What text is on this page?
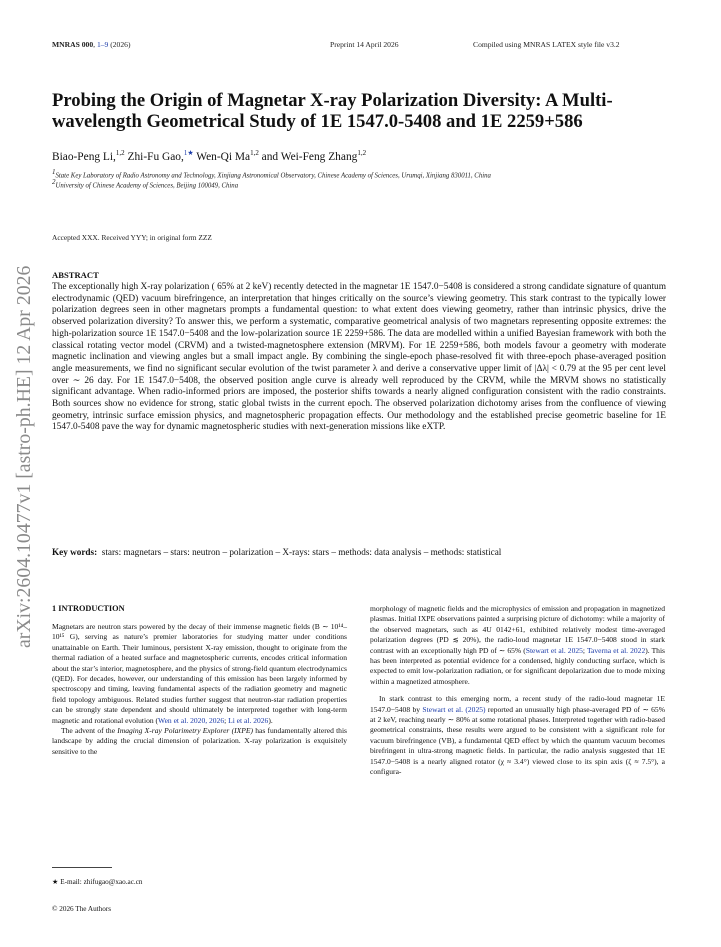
MNRAS 000, 1–9 (2026)	Preprint 14 April 2026	Compiled using MNRAS LATEX style file v3.2
arXiv:2604.10477v1 [astro-ph.HE] 12 Apr 2026
Probing the Origin of Magnetar X-ray Polarization Diversity: A Multi-wavelength Geometrical Study of 1E 1547.0-5408 and 1E 2259+586
Biao-Peng Li,$^{1,2}$ Zhi-Fu Gao,$^{1★}$ Wen-Qi Ma$^{1,2}$ and Wei-Feng Zhang$^{1,2}$
$^1$State Key Laboratory of Radio Astronomy and Technology, Xinjiang Astronomical Observatory, Chinese Academy of Sciences, Urumqi, Xinjiang 830011, China
$^2$University of Chinese Academy of Sciences, Beijing 100049, China
Accepted XXX. Received YYY; in original form ZZZ
ABSTRACT
The exceptionally high X-ray polarization ( 65% at 2 keV) recently detected in the magnetar 1E 1547.0−5408 is considered a strong candidate signature of quantum electrodynamic (QED) vacuum birefringence, an interpretation that hinges critically on the source’s viewing geometry. This stark contrast to the typically lower polarization degrees seen in other magnetars prompts a fundamental question: to what extent does viewing geometry, rather than intrinsic physics, drive the observed polarization diversity? To answer this, we perform a systematic, comparative geometrical analysis of two magnetars representing opposite extremes: the high-polarization source 1E 1547.0−5408 and the low-polarization source 1E 2259+586. The data are modelled within a unified Bayesian framework with both the classical rotating vector model (CRVM) and a twisted-magnetosphere extension (MRVM). For 1E 2259+586, both models favour a geometry with moderate magnetic inclination and viewing angles but a small impact angle. By combining the single-epoch phase-resolved fit with three-epoch phase-averaged position angle measurements, we find no significant secular evolution of the twist parameter λ and derive a conservative upper limit of |Δλ| < 0.79 at the 95 per cent level over ∼ 26 day. For 1E 1547.0−5408, the observed position angle curve is already well reproduced by the CRVM, while the MRVM shows no statistically significant advantage. When radio-informed priors are imposed, the posterior shifts towards a nearly aligned configuration consistent with the radio constraints. Both sources show no evidence for strong, static global twists in the current epoch. The observed polarization dichotomy arises from the confluence of viewing geometry, intrinsic surface emission physics, and magnetospheric propagation effects. Our methodology and the established precise geometric baseline for 1E 1547.0-5408 pave the way for dynamic magnetospheric studies with next-generation missions like eXTP.
Key words: stars: magnetars – stars: neutron – polarization – X-rays: stars – methods: data analysis – methods: statistical
1 INTRODUCTION

Magnetars are neutron stars powered by the decay of their immense magnetic fields (B ∼ 10¹⁴–10¹⁵ G), serving as nature’s premier laboratories for studying matter under conditions unattainable on Earth. Their luminous, persistent X-ray emission, thought to originate from the thermal radiation of a heated surface and magnetospheric currents, encodes critical information about the star’s interior, magnetosphere, and the physics of strong-field quantum electrodynamics (QED). For decades, however, our understanding of this emission has been largely informed by spectroscopy and timing, leaving fundamental aspects of the radiation geometry and magnetic field topology ambiguous. Related studies further suggest that neutron-star radiation properties can be strongly state dependent and should ultimately be interpreted together with long-term magnetic and rotational evolution (Wen et al. 2020, 2026; Li et al. 2026).

The advent of the Imaging X-ray Polarimetry Explorer (IXPE) has fundamentally altered this landscape by adding the crucial dimension of polarization. X-ray polarization is exquisitely sensitive to the

morphology of magnetic fields and the microphysics of emission and propagation in magnetized plasmas. Initial IXPE observations painted a surprising picture of dichotomy: while a majority of the observed magnetars, such as 4U 0142+61, exhibited relatively modest time-averaged polarization degrees (PD ≲ 20%), the radio-loud magnetar 1E 1547.0−5408 stood in stark contrast with an exceptionally high PD of ∼ 65% (Stewart et al. 2025; Taverna et al. 2022). This has been interpreted as potential evidence for a condensed, highly conducting surface, which is expected to emit low-polarization radiation, or for significant depolarization due to mode mixing within a magnetized atmosphere.

In stark contrast to this emerging norm, a recent study of the radio-loud magnetar 1E 1547.0−5408 by Stewart et al. (2025) reported an unusually high phase-averaged PD of ∼ 65% at 2 keV, reaching nearly ∼ 80% at some rotational phases. Interpreted together with radio-based geometrical constraints, these results were argued to be consistent with a significant role for vacuum birefringence (VB), a fundamental QED effect by which the quantum vacuum becomes birefringent in ultra-strong magnetic fields. In particular, the radio analysis suggested that 1E 1547.0−5408 is a nearly aligned rotator (χ ≈ 3.4°) viewed close to its spin axis (ζ ≈ 7.5°), a configura-

★ E-mail: zhifugao@xao.ac.cn
© 2026 The Authors
